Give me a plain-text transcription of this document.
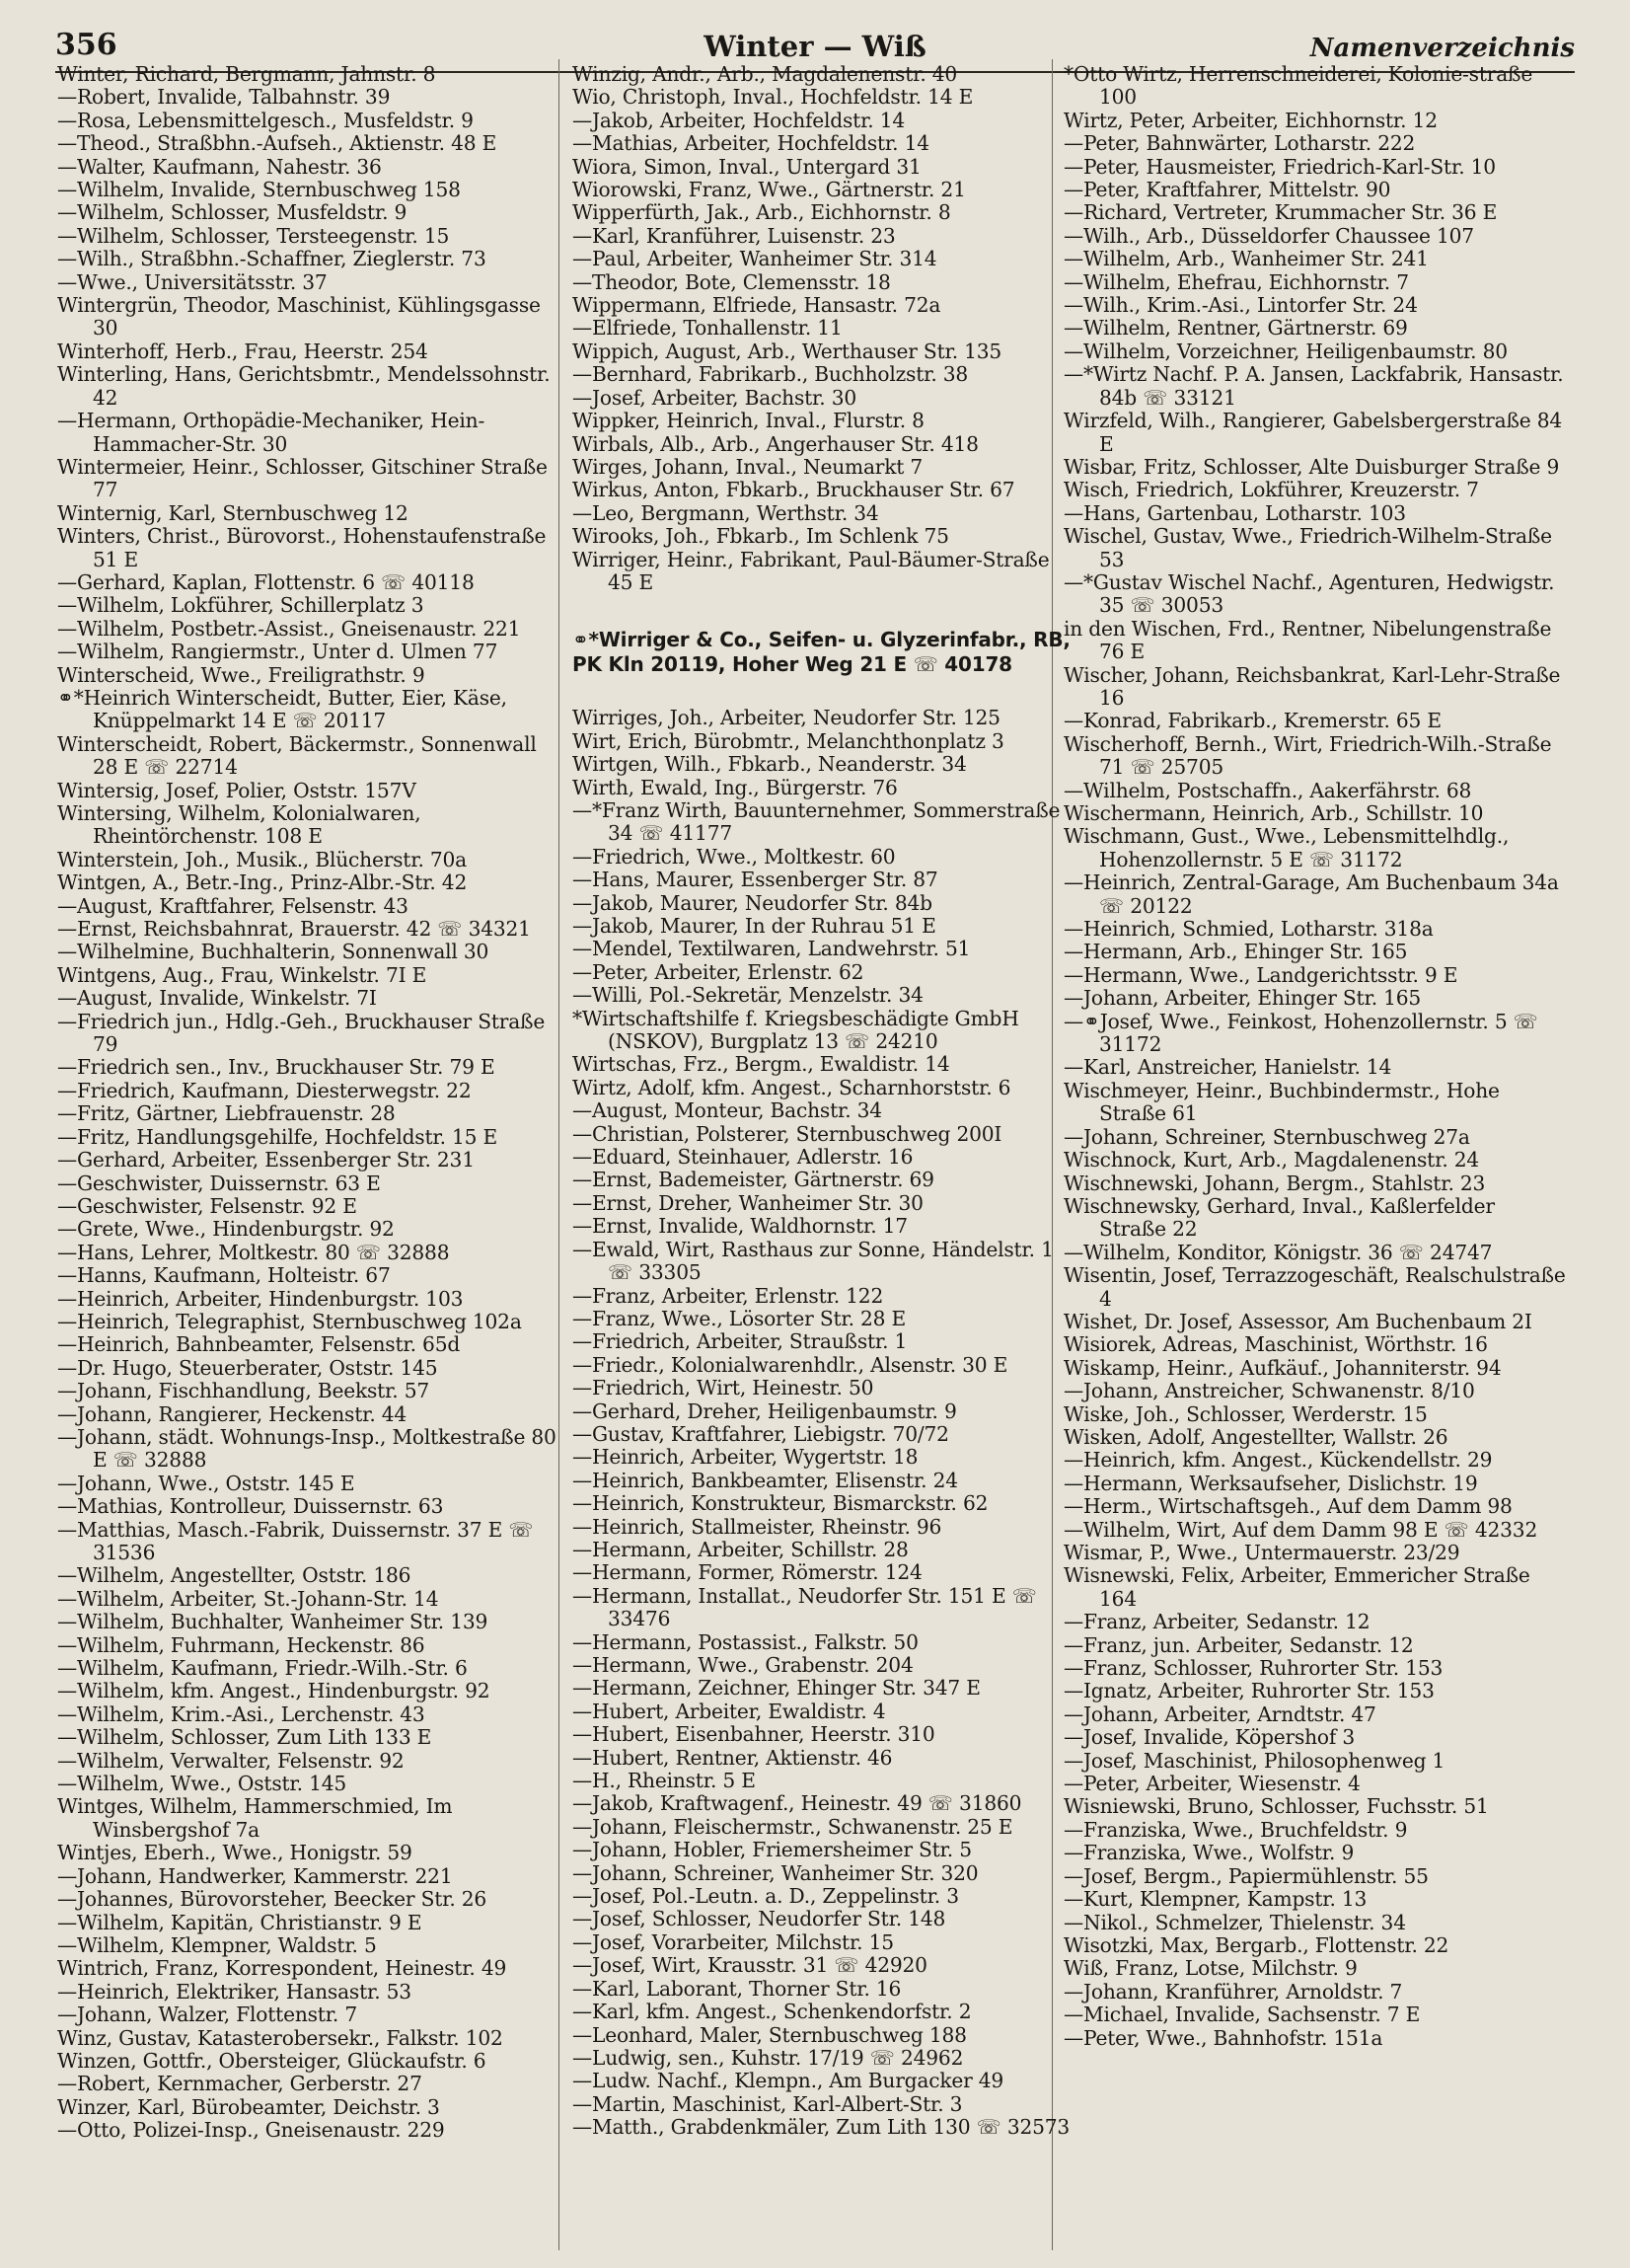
356	Winter — Wiß	Namenverzeichnis

Winter, Richard, Bergmann, Jahnstr. 8

—Robert, Invalide, Talbahnstr. 39

—Rosa, Lebensmittelgesch., Musfeldstr. 9

—Theod., Straßbhn.-Aufseh., Aktienstr. 48 E

—Walter, Kaufmann, Nahestr. 36

—Wilhelm, Invalide, Sternbuschweg 158

—Wilhelm, Schlosser, Musfeldstr. 9

—Wilhelm, Schlosser, Tersteegenstr. 15

—Wilh., Straßbhn.-Schaffner, Zieglerstr. 73

—Wwe., Universitätsstr. 37

Wintergrün, Theodor, Maschinist, Kühlingsgasse 30

Winterhoff, Herb., Frau, Heerstr. 254

Winterling, Hans, Gerichtsbmtr., Mendelssohnstr. 42

—Hermann, Orthopädie-Mechaniker, Hein-Hammacher-Str. 30

Wintermeier, Heinr., Schlosser, Gitschiner Straße 77

Winternig, Karl, Sternbuschweg 12

Winters, Christ., Bürovorst., Hohenstaufenstraße 51 E

—Gerhard, Kaplan, Flottenstr. 6 ☏ 40118

—Wilhelm, Lokführer, Schillerplatz 3

—Wilhelm, Postbetr.-Assist., Gneisenaustr. 221

—Wilhelm, Rangiermstr., Unter d. Ulmen 77

Winterscheid, Wwe., Freiligrathstr. 9

⚭*Heinrich Winterscheidt, Butter, Eier, Käse, Knüppelmarkt 14 E ☏ 20117

Winterscheidt, Robert, Bäckermstr., Sonnenwall 28 E ☏ 22714

Wintersig, Josef, Polier, Oststr. 157V

Wintersing, Wilhelm, Kolonialwaren, Rheintörchenstr. 108 E

Winterstein, Joh., Musik., Blücherstr. 70a

Wintgen, A., Betr.-Ing., Prinz-Albr.-Str. 42

—August, Kraftfahrer, Felsenstr. 43

—Ernst, Reichsbahnrat, Brauerstr. 42 ☏ 34321

—Wilhelmine, Buchhalterin, Sonnenwall 30

Wintgens, Aug., Frau, Winkelstr. 7I E

—August, Invalide, Winkelstr. 7I

—Friedrich jun., Hdlg.-Geh., Bruckhauser Straße 79

—Friedrich sen., Inv., Bruckhauser Str. 79 E

—Friedrich, Kaufmann, Diesterwegstr. 22

—Fritz, Gärtner, Liebfrauenstr. 28

—Fritz, Handlungsgehilfe, Hochfeldstr. 15 E

—Gerhard, Arbeiter, Essenberger Str. 231

—Geschwister, Duissernstr. 63 E

—Geschwister, Felsenstr. 92 E

—Grete, Wwe., Hindenburgstr. 92

—Hans, Lehrer, Moltkestr. 80 ☏ 32888

—Hanns, Kaufmann, Holteistr. 67

—Heinrich, Arbeiter, Hindenburgstr. 103

—Heinrich, Telegraphist, Sternbuschweg 102a

—Heinrich, Bahnbeamter, Felsenstr. 65d

—Dr. Hugo, Steuerberater, Oststr. 145

—Johann, Fischhandlung, Beekstr. 57

—Johann, Rangierer, Heckenstr. 44

—Johann, städt. Wohnungs-Insp., Moltkestraße 80 E ☏ 32888

—Johann, Wwe., Oststr. 145 E

—Mathias, Kontrolleur, Duissernstr. 63

—Matthias, Masch.-Fabrik, Duissernstr. 37 E ☏ 31536

—Wilhelm, Angestellter, Oststr. 186

—Wilhelm, Arbeiter, St.-Johann-Str. 14

—Wilhelm, Buchhalter, Wanheimer Str. 139

—Wilhelm, Fuhrmann, Heckenstr. 86

—Wilhelm, Kaufmann, Friedr.-Wilh.-Str. 6

—Wilhelm, kfm. Angest., Hindenburgstr. 92

—Wilhelm, Krim.-Asi., Lerchenstr. 43

—Wilhelm, Schlosser, Zum Lith 133 E

—Wilhelm, Verwalter, Felsenstr. 92

—Wilhelm, Wwe., Oststr. 145

Wintges, Wilhelm, Hammerschmied, Im Winsbergshof 7a

Wintjes, Eberh., Wwe., Honigstr. 59

—Johann, Handwerker, Kammerstr. 221

—Johannes, Bürovorsteher, Beecker Str. 26

—Wilhelm, Kapitän, Christianstr. 9 E

—Wilhelm, Klempner, Waldstr. 5

Wintrich, Franz, Korrespondent, Heinestr. 49

—Heinrich, Elektriker, Hansastr. 53

—Johann, Walzer, Flottenstr. 7

Winz, Gustav, Katasterobersekr., Falkstr. 102

Winzen, Gottfr., Obersteiger, Glückaufstr. 6

—Robert, Kernmacher, Gerberstr. 27

Winzer, Karl, Bürobeamter, Deichstr. 3

—Otto, Polizei-Insp., Gneisenaustr. 229

Winzig, Andr., Arb., Magdalenenstr. 40

Wio, Christoph, Inval., Hochfeldstr. 14 E

—Jakob, Arbeiter, Hochfeldstr. 14

—Mathias, Arbeiter, Hochfeldstr. 14

Wiora, Simon, Inval., Untergard 31

Wiorowski, Franz, Wwe., Gärtnerstr. 21

Wipperfürth, Jak., Arb., Eichhornstr. 8

—Karl, Kranführer, Luisenstr. 23

—Paul, Arbeiter, Wanheimer Str. 314

—Theodor, Bote, Clemensstr. 18

Wippermann, Elfriede, Hansastr. 72a

—Elfriede, Tonhallenstr. 11

Wippich, August, Arb., Werthauser Str. 135

—Bernhard, Fabrikarb., Buchholzstr. 38

—Josef, Arbeiter, Bachstr. 30

Wippker, Heinrich, Inval., Flurstr. 8

Wirbals, Alb., Arb., Angerhauser Str. 418

Wirges, Johann, Inval., Neumarkt 7

Wirkus, Anton, Fbkarb., Bruckhauser Str. 67

—Leo, Bergmann, Werthstr. 34

Wirooks, Joh., Fbkarb., Im Schlenk 75

Wirriger, Heinr., Fabrikant, Paul-Bäumer-Straße 45 E

⚭*Wirriger & Co., Seifen- u. Glyzerinfabr., RB, PK Kln 20119, Hoher Weg 21 E ☏ 40178

Wirriges, Joh., Arbeiter, Neudorfer Str. 125

Wirt, Erich, Bürobmtr., Melanchthonplatz 3

Wirtgen, Wilh., Fbkarb., Neanderstr. 34

Wirth, Ewald, Ing., Bürgerstr. 76

—*Franz Wirth, Bauunternehmer, Sommerstraße 34 ☏ 41177

—Friedrich, Wwe., Moltkestr. 60

—Hans, Maurer, Essenberger Str. 87

—Jakob, Maurer, Neudorfer Str. 84b

—Jakob, Maurer, In der Ruhrau 51 E

—Mendel, Textilwaren, Landwehrstr. 51

—Peter, Arbeiter, Erlenstr. 62

—Willi, Pol.-Sekretär, Menzelstr. 34

*Wirtschaftshilfe f. Kriegsbeschädigte GmbH (NSKOV), Burgplatz 13 ☏ 24210

Wirtschas, Frz., Bergm., Ewaldistr. 14

Wirtz, Adolf, kfm. Angest., Scharnhorststr. 6

—August, Monteur, Bachstr. 34

—Christian, Polsterer, Sternbuschweg 200I

—Eduard, Steinhauer, Adlerstr. 16

—Ernst, Bademeister, Gärtnerstr. 69

—Ernst, Dreher, Wanheimer Str. 30

—Ernst, Invalide, Waldhornstr. 17

—Ewald, Wirt, Rasthaus zur Sonne, Händelstr. 1 ☏ 33305

—Franz, Arbeiter, Erlenstr. 122

—Franz, Wwe., Lösorter Str. 28 E

—Friedrich, Arbeiter, Straußstr. 1

—Friedr., Kolonialwarenhdlr., Alsenstr. 30 E

—Friedrich, Wirt, Heinestr. 50

—Gerhard, Dreher, Heiligenbaumstr. 9

—Gustav, Kraftfahrer, Liebigstr. 70/72

—Heinrich, Arbeiter, Wygertstr. 18

—Heinrich, Bankbeamter, Elisenstr. 24

—Heinrich, Konstrukteur, Bismarckstr. 62

—Heinrich, Stallmeister, Rheinstr. 96

—Hermann, Arbeiter, Schillstr. 28

—Hermann, Former, Römerstr. 124

—Hermann, Installat., Neudorfer Str. 151 E ☏ 33476

—Hermann, Postassist., Falkstr. 50

—Hermann, Wwe., Grabenstr. 204

—Hermann, Zeichner, Ehinger Str. 347 E

—Hubert, Arbeiter, Ewaldistr. 4

—Hubert, Eisenbahner, Heerstr. 310

—Hubert, Rentner, Aktienstr. 46

—H., Rheinstr. 5 E

—Jakob, Kraftwagenf., Heinestr. 49 ☏ 31860

—Johann, Fleischermstr., Schwanenstr. 25 E

—Johann, Hobler, Friemersheimer Str. 5

—Johann, Schreiner, Wanheimer Str. 320

—Josef, Pol.-Leutn. a. D., Zeppelinstr. 3

—Josef, Schlosser, Neudorfer Str. 148

—Josef, Vorarbeiter, Milchstr. 15

—Josef, Wirt, Krausstr. 31 ☏ 42920

—Karl, Laborant, Thorner Str. 16

—Karl, kfm. Angest., Schenkendorfstr. 2

—Leonhard, Maler, Sternbuschweg 188

—Ludwig, sen., Kuhstr. 17/19 ☏ 24962

—Ludw. Nachf., Klempn., Am Burgacker 49

—Martin, Maschinist, Karl-Albert-Str. 3

—Matth., Grabdenkmäler, Zum Lith 130 ☏ 32573

*Otto Wirtz, Herrenschneiderei, Kolonie-straße 100

Wirtz, Peter, Arbeiter, Eichhornstr. 12

—Peter, Bahnwärter, Lotharstr. 222

—Peter, Hausmeister, Friedrich-Karl-Str. 10

—Peter, Kraftfahrer, Mittelstr. 90

—Richard, Vertreter, Krummacher Str. 36 E

—Wilh., Arb., Düsseldorfer Chaussee 107

—Wilhelm, Arb., Wanheimer Str. 241

—Wilhelm, Ehefrau, Eichhornstr. 7

—Wilh., Krim.-Asi., Lintorfer Str. 24

—Wilhelm, Rentner, Gärtnerstr. 69

—Wilhelm, Vorzeichner, Heiligenbaumstr. 80

—*Wirtz Nachf. P. A. Jansen, Lackfabrik, Hansastr. 84b ☏ 33121

Wirzfeld, Wilh., Rangierer, Gabelsbergerstraße 84 E

Wisbar, Fritz, Schlosser, Alte Duisburger Straße 9

Wisch, Friedrich, Lokführer, Kreuzerstr. 7

—Hans, Gartenbau, Lotharstr. 103

Wischel, Gustav, Wwe., Friedrich-Wilhelm-Straße 53

—*Gustav Wischel Nachf., Agenturen, Hedwigstr. 35 ☏ 30053

in den Wischen, Frd., Rentner, Nibelungenstraße 76 E

Wischer, Johann, Reichsbankrat, Karl-Lehr-Straße 16

—Konrad, Fabrikarb., Kremerstr. 65 E

Wischerhoff, Bernh., Wirt, Friedrich-Wilh.-Straße 71 ☏ 25705

—Wilhelm, Postschaffn., Aakerfährstr. 68

Wischermann, Heinrich, Arb., Schillstr. 10

Wischmann, Gust., Wwe., Lebensmittelhdlg., Hohenzollernstr. 5 E ☏ 31172

—Heinrich, Zentral-Garage, Am Buchenbaum 34a ☏ 20122

—Heinrich, Schmied, Lotharstr. 318a

—Hermann, Arb., Ehinger Str. 165

—Hermann, Wwe., Landgerichtsstr. 9 E

—Johann, Arbeiter, Ehinger Str. 165

—⚭Josef, Wwe., Feinkost, Hohenzollernstr. 5 ☏ 31172

—Karl, Anstreicher, Hanielstr. 14

Wischmeyer, Heinr., Buchbindermstr., Hohe Straße 61

—Johann, Schreiner, Sternbuschweg 27a

Wischnock, Kurt, Arb., Magdalenenstr. 24

Wischnewski, Johann, Bergm., Stahlstr. 23

Wischnewsky, Gerhard, Inval., Kaßlerfelder Straße 22

—Wilhelm, Konditor, Königstr. 36 ☏ 24747

Wisentin, Josef, Terrazzogeschäft, Realschulstraße 4

Wishet, Dr. Josef, Assessor, Am Buchenbaum 2I

Wisiorek, Adreas, Maschinist, Wörthstr. 16

Wiskamp, Heinr., Aufkäuf., Johanniterstr. 94

—Johann, Anstreicher, Schwanenstr. 8/10

Wiske, Joh., Schlosser, Werderstr. 15

Wisken, Adolf, Angestellter, Wallstr. 26

—Heinrich, kfm. Angest., Kückendellstr. 29

—Hermann, Werksaufseher, Dislichstr. 19

—Herm., Wirtschaftsgeh., Auf dem Damm 98

—Wilhelm, Wirt, Auf dem Damm 98 E ☏ 42332

Wismar, P., Wwe., Untermauerstr. 23/29

Wisnewski, Felix, Arbeiter, Emmericher Straße 164

—Franz, Arbeiter, Sedanstr. 12

—Franz, jun. Arbeiter, Sedanstr. 12

—Franz, Schlosser, Ruhrorter Str. 153

—Ignatz, Arbeiter, Ruhrorter Str. 153

—Johann, Arbeiter, Arndtstr. 47

—Josef, Invalide, Köpershof 3

—Josef, Maschinist, Philosophenweg 1

—Peter, Arbeiter, Wiesenstr. 4

Wisniewski, Bruno, Schlosser, Fuchsstr. 51

—Franziska, Wwe., Bruchfeldstr. 9

—Franziska, Wwe., Wolfstr. 9

—Josef, Bergm., Papiermühlenstr. 55

—Kurt, Klempner, Kampstr. 13

—Nikol., Schmelzer, Thielenstr. 34

Wisotzki, Max, Bergarb., Flottenstr. 22

Wiß, Franz, Lotse, Milchstr. 9

—Johann, Kranführer, Arnoldstr. 7

—Michael, Invalide, Sachsenstr. 7 E

—Peter, Wwe., Bahnhofstr. 151a
